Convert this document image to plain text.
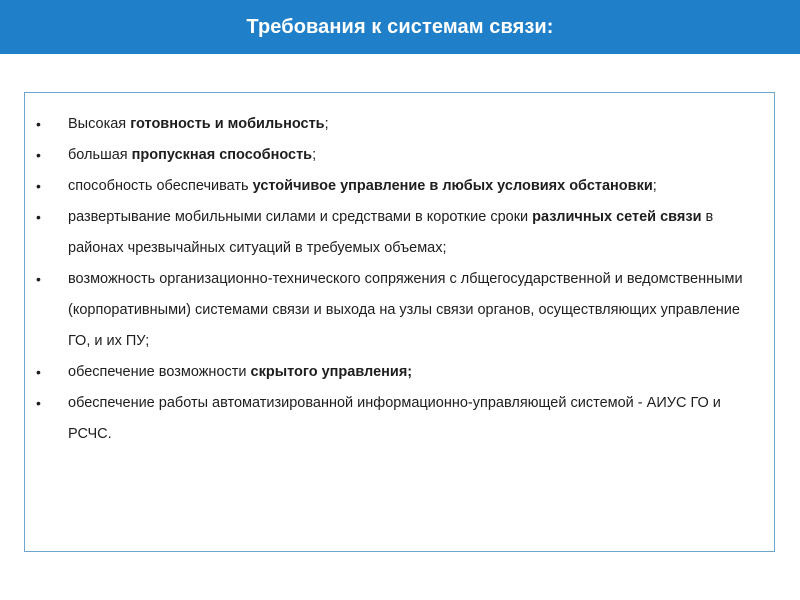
Требования к системам связи:
• Высокая готовность и мобильность;
• большая пропускная способность;
• способность обеспечивать устойчивое управление в любых условиях обстановки;
• развертывание мобильными силами и средствами в короткие сроки различных сетей связи в районах чрезвычайных ситуаций в требуемых объемах;
• возможность организационно-технического сопряжения с лбщегосударственной и ведомственными (корпоративными) системами связи и выхода на узлы связи органов, осуществляющих управление ГО, и их ПУ;
• обеспечение возможности скрытого управления;
• обеспечение работы автоматизированной информационно-управляющей системой - АИУС ГО и РСЧС.
